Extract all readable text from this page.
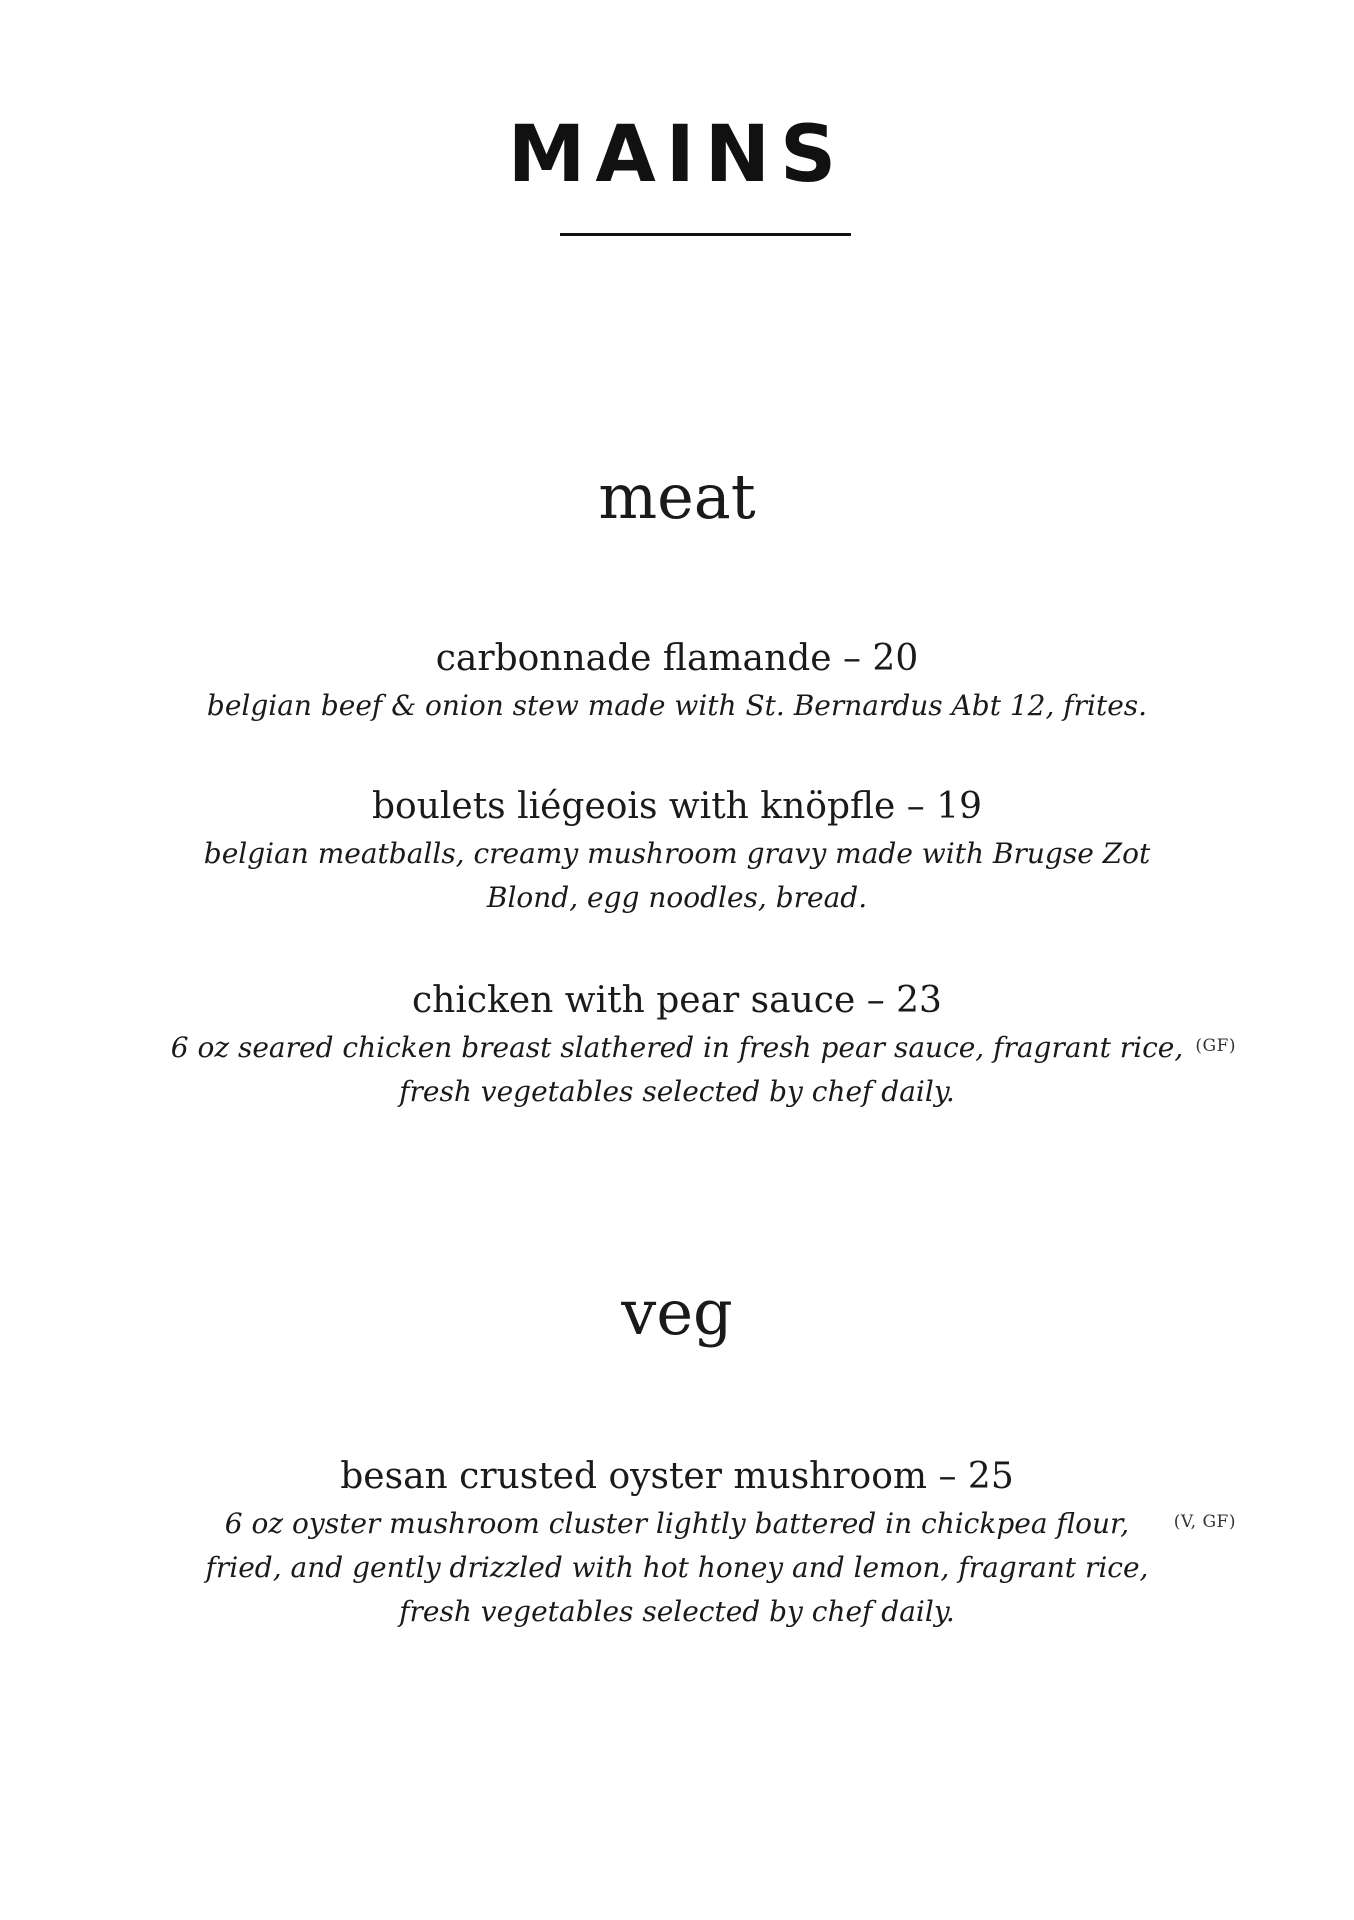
MAINS
meat
carbonnade flamande – 20
belgian beef & onion stew made with St. Bernardus Abt 12, frites.
boulets liégeois with knöpfle – 19
belgian meatballs, creamy mushroom gravy made with Brugse Zot
Blond, egg noodles, bread.
chicken with pear sauce – 23
6 oz seared chicken breast slathered in fresh pear sauce, fragrant rice,
fresh vegetables selected by chef daily.
(GF)
veg
besan crusted oyster mushroom – 25
6 oz oyster mushroom cluster lightly battered in chickpea flour,
fried, and gently drizzled with hot honey and lemon, fragrant rice,
fresh vegetables selected by chef daily.
(V, GF)
